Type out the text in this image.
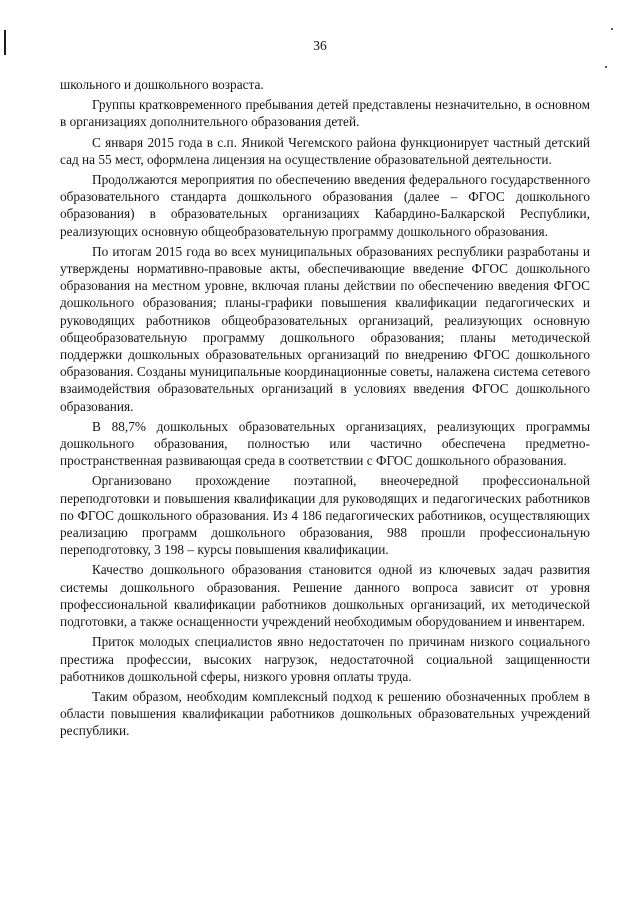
36

школьного и дошкольного возраста.

Группы кратковременного пребывания детей представлены незначительно, в основном в организациях дополнительного образования детей.

С января 2015 года в с.п. Яникой Чегемского района функционирует частный детский сад на 55 мест, оформлена лицензия на осуществление образовательной деятельности.

Продолжаются мероприятия по обеспечению введения федерального государственного образовательного стандарта дошкольного образования (далее – ФГОС дошкольного образования) в образовательных организациях Кабардино-Балкарской Республики, реализующих основную общеобразовательную программу дошкольного образования.

По итогам 2015 года во всех муниципальных образованиях республики разработаны и утверждены нормативно-правовые акты, обеспечивающие введение ФГОС дошкольного образования на местном уровне, включая планы действии по обеспечению введения ФГОС дошкольного образования; планы-графики повышения квалификации педагогических и руководящих работников общеобразовательных организаций, реализующих основную общеобразовательную программу дошкольного образования; планы методической поддержки дошкольных образовательных организаций по внедрению ФГОС дошкольного образования. Созданы муниципальные координационные советы, налажена система сетевого взаимодействия образовательных организаций в условиях введения ФГОС дошкольного образования.

В 88,7% дошкольных образовательных организациях, реализующих программы дошкольного образования, полностью или частично обеспечена предметно-пространственная развивающая среда в соответствии с ФГОС дошкольного образования.

Организовано прохождение поэтапной, внеочередной профессиональной переподготовки и повышения квалификации для руководящих и педагогических работников по ФГОС дошкольного образования. Из 4 186 педагогических работников, осуществляющих реализацию программ дошкольного образования, 988 прошли профессиональную переподготовку, 3 198 – курсы повышения квалификации.

Качество дошкольного образования становится одной из ключевых задач развития системы дошкольного образования. Решение данного вопроса зависит от уровня профессиональной квалификации работников дошкольных организаций, их методической подготовки, а также оснащенности учреждений необходимым оборудованием и инвентарем.

Приток молодых специалистов явно недостаточен по причинам низкого социального престижа профессии, высоких нагрузок, недостаточной социальной защищенности работников дошкольной сферы, низкого уровня оплаты труда.

Таким образом, необходим комплексный подход к решению обозначенных проблем в области повышения квалификации работников дошкольных образовательных учреждений республики.
